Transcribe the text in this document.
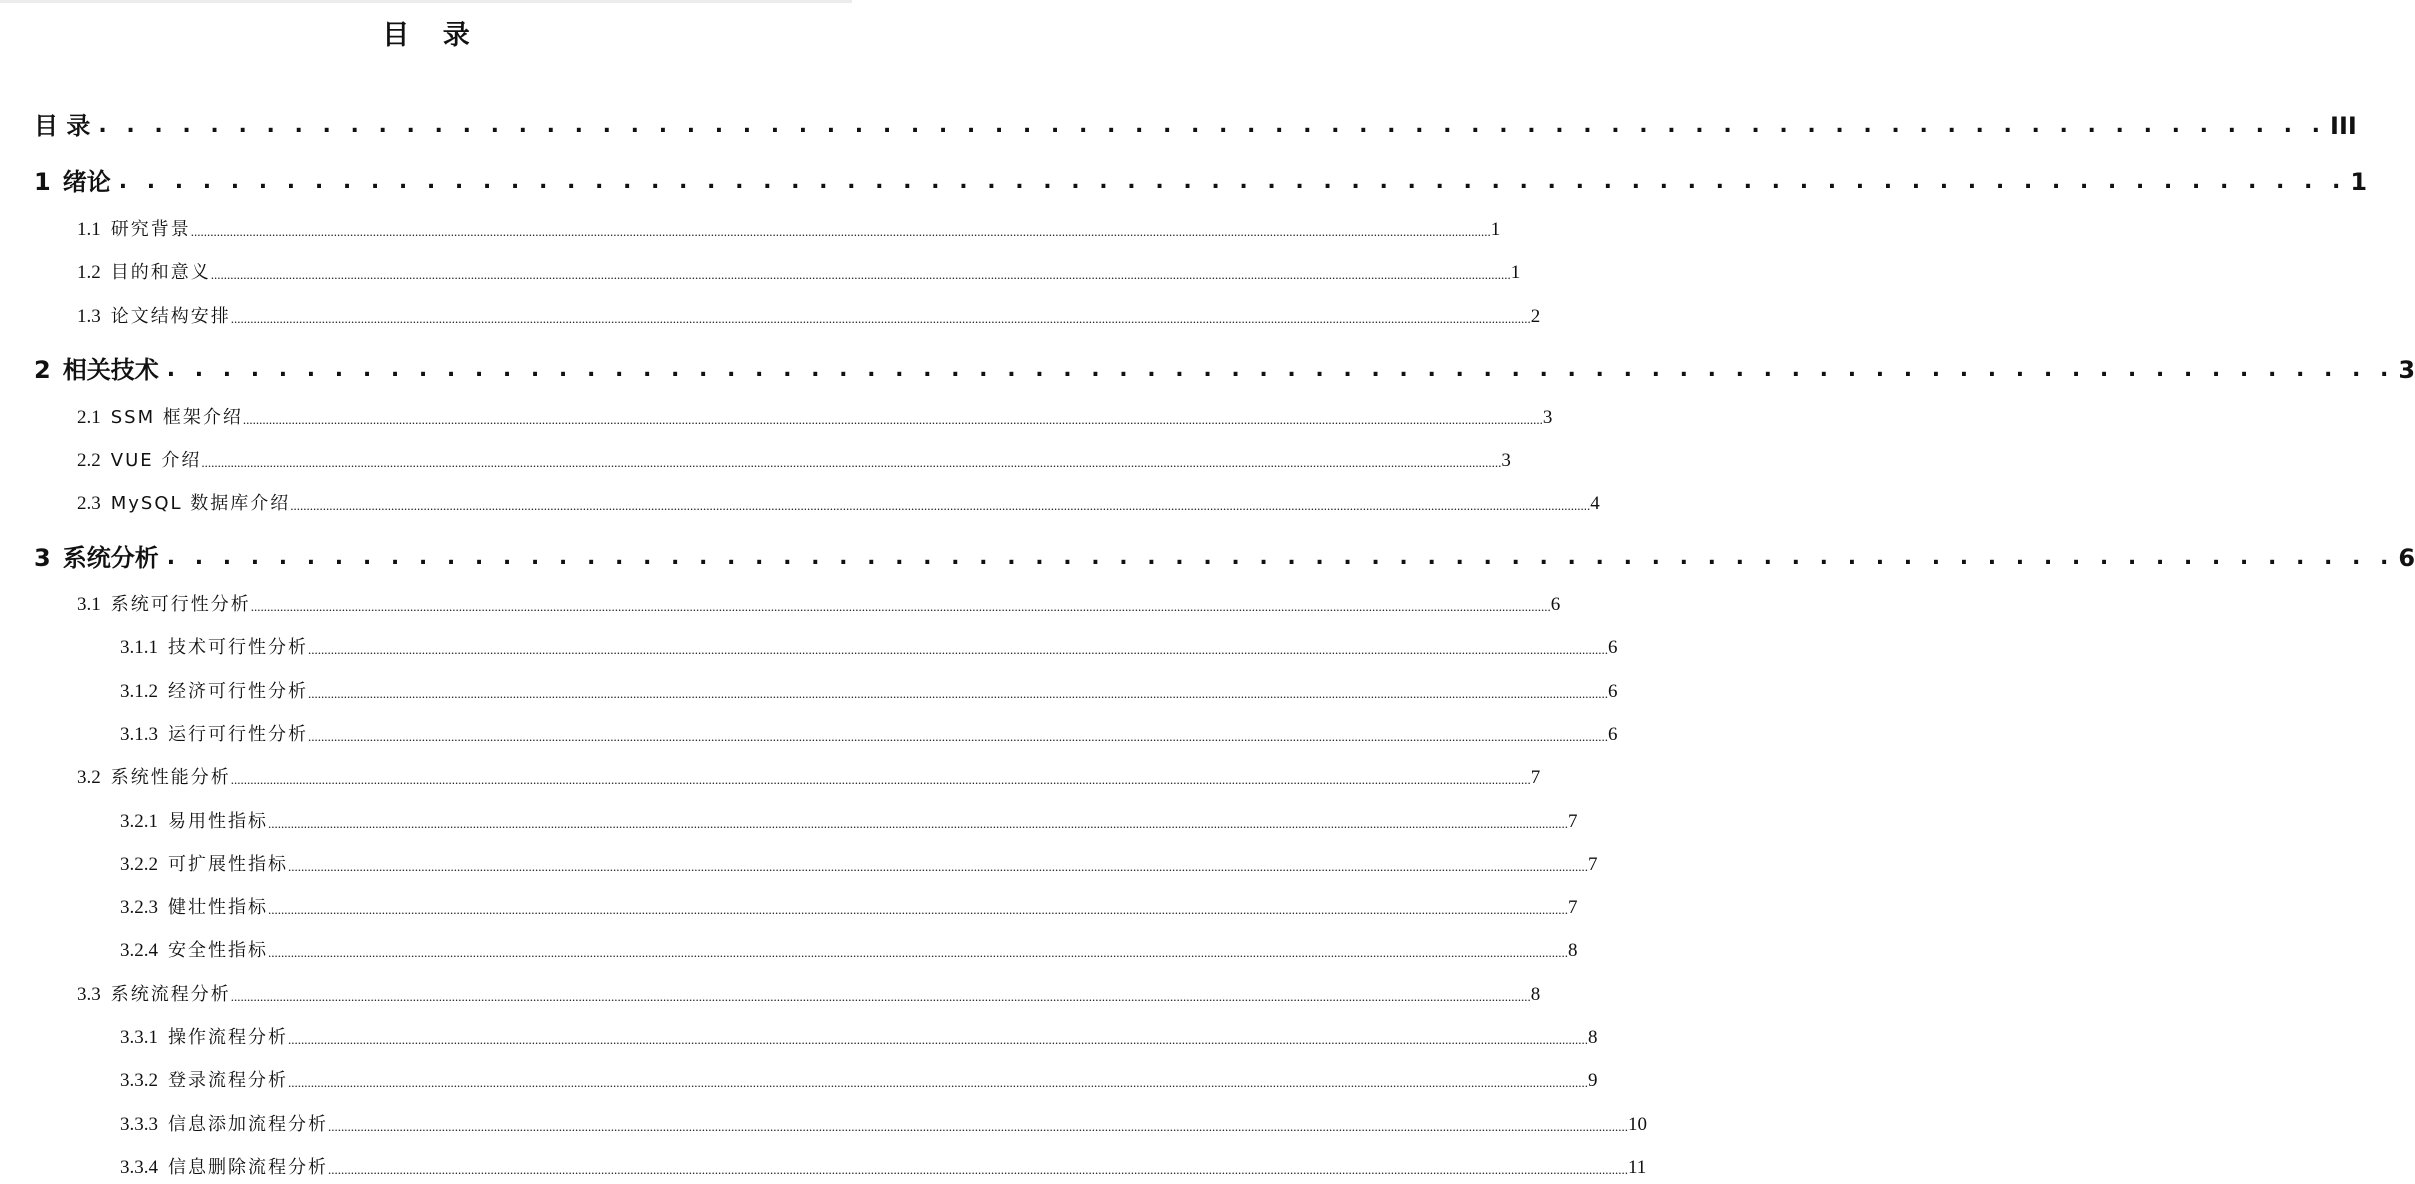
目 录
目 录 . . . . . . . . . . . . . . . . . . . . . . . . . . . . . . . . . . . . . . . . . . . . . . . . . . . . . . . . . . . . . . . . . . . . . . . . . . . . . . . . III
1 绪论 . . . . . . . . . . . . . . . . . . . . . . . . . . . . . . . . . . . . . . . . . . . . . . . . . . . . . . . . . . . . . . . . . . . . . . . . . . . . . . . . 1
1.1 研究背景 ................................................................................................................................................................................................................................................................................................................................................................................................................ 1
1.2 目的和意义 ................................................................................................................................................................................................................................................................................................................................................................................................................ 1
1.3 论文结构安排 ................................................................................................................................................................................................................................................................................................................................................................................................................ 2
2 相关技术 . . . . . . . . . . . . . . . . . . . . . . . . . . . . . . . . . . . . . . . . . . . . . . . . . . . . . . . . . . . . . . . . . . . . . . . . . . . . . . . . 3
2.1 SSM 框架介绍 ................................................................................................................................................................................................................................................................................................................................................................................................................ 3
2.2 VUE 介绍 ................................................................................................................................................................................................................................................................................................................................................................................................................ 3
2.3 MySQL 数据库介绍 ................................................................................................................................................................................................................................................................................................................................................................................................................ 4
3 系统分析 . . . . . . . . . . . . . . . . . . . . . . . . . . . . . . . . . . . . . . . . . . . . . . . . . . . . . . . . . . . . . . . . . . . . . . . . . . . . . . . . 6
3.1 系统可行性分析 ................................................................................................................................................................................................................................................................................................................................................................................................................ 6
3.1.1 技术可行性分析 ................................................................................................................................................................................................................................................................................................................................................................................................................ 6
3.1.2 经济可行性分析 ................................................................................................................................................................................................................................................................................................................................................................................................................ 6
3.1.3 运行可行性分析 ................................................................................................................................................................................................................................................................................................................................................................................................................ 6
3.2 系统性能分析 ................................................................................................................................................................................................................................................................................................................................................................................................................ 7
3.2.1 易用性指标 ................................................................................................................................................................................................................................................................................................................................................................................................................ 7
3.2.2 可扩展性指标 ................................................................................................................................................................................................................................................................................................................................................................................................................ 7
3.2.3 健壮性指标 ................................................................................................................................................................................................................................................................................................................................................................................................................ 7
3.2.4 安全性指标 ................................................................................................................................................................................................................................................................................................................................................................................................................ 8
3.3 系统流程分析 ................................................................................................................................................................................................................................................................................................................................................................................................................ 8
3.3.1 操作流程分析 ................................................................................................................................................................................................................................................................................................................................................................................................................ 8
3.3.2 登录流程分析 ................................................................................................................................................................................................................................................................................................................................................................................................................ 9
3.3.3 信息添加流程分析 ................................................................................................................................................................................................................................................................................................................................................................................................................ 10
3.3.4 信息删除流程分析 ................................................................................................................................................................................................................................................................................................................................................................................................................ 11
